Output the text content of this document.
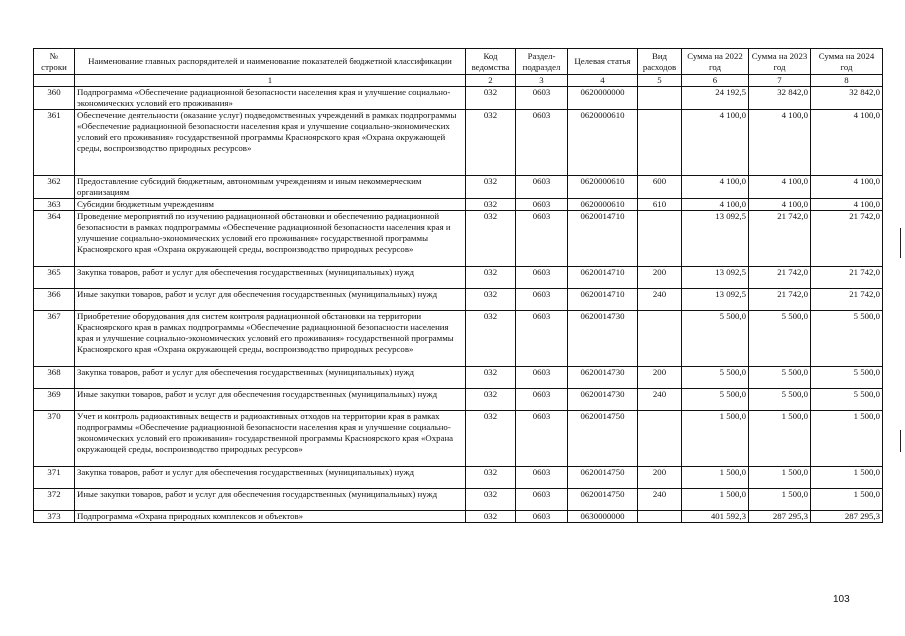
№ строки	Наименование главных распорядителей и наименование показателей бюджетной классификации	Код ведомства	Раздел-подраздел	Целевая статья	Вид расходов	Сумма на 2022 год	Сумма на 2023 год	Сумма на 2024 год
	1	2	3	4	5	6	7	8
360	Подпрограмма «Обеспечение радиационной безопасности населения края и улучшение социально-экономических условий его проживания»	032	0603	0620000000		24 192,5	32 842,0	32 842,0
361	Обеспечение деятельности (оказание услуг) подведомственных учреждений в рамках подпрограммы «Обеспечение радиационной безопасности населения края и улучшение социально-экономических условий его проживания» государственной программы Красноярского края «Охрана окружающей среды, воспроизводство природных ресурсов»	032	0603	0620000610		4 100,0	4 100,0	4 100,0
362	Предоставление субсидий бюджетным, автономным учреждениям и иным некоммерческим организациям	032	0603	0620000610	600	4 100,0	4 100,0	4 100,0
363	Субсидии бюджетным учреждениям	032	0603	0620000610	610	4 100,0	4 100,0	4 100,0
364	Проведение мероприятий по изучению радиационной обстановки и обеспечению радиационной безопасности в рамках подпрограммы «Обеспечение радиационной безопасности населения края и улучшение социально-экономических условий его проживания» государственной программы Красноярского края «Охрана окружающей среды, воспроизводство природных ресурсов»	032	0603	0620014710		13 092,5	21 742,0	21 742,0
365	Закупка товаров, работ и услуг для обеспечения государственных (муниципальных) нужд	032	0603	0620014710	200	13 092,5	21 742,0	21 742,0
366	Иные закупки товаров, работ и услуг для обеспечения государственных (муниципальных) нужд	032	0603	0620014710	240	13 092,5	21 742,0	21 742,0
367	Приобретение оборудования для систем контроля радиационной обстановки на территории Красноярского края в рамках подпрограммы «Обеспечение радиационной безопасности населения края и улучшение социально-экономических условий его проживания» государственной программы Красноярского края «Охрана окружающей среды, воспроизводство природных ресурсов»	032	0603	0620014730		5 500,0	5 500,0	5 500,0
368	Закупка товаров, работ и услуг для обеспечения государственных (муниципальных) нужд	032	0603	0620014730	200	5 500,0	5 500,0	5 500,0
369	Иные закупки товаров, работ и услуг для обеспечения государственных (муниципальных) нужд	032	0603	0620014730	240	5 500,0	5 500,0	5 500,0
370	Учет и контроль радиоактивных веществ и радиоактивных отходов на территории края в рамках подпрограммы «Обеспечение радиационной безопасности населения края и улучшение социально-экономических условий его проживания» государственной программы Красноярского края «Охрана окружающей среды, воспроизводство природных ресурсов»	032	0603	0620014750		1 500,0	1 500,0	1 500,0
371	Закупка товаров, работ и услуг для обеспечения государственных (муниципальных) нужд	032	0603	0620014750	200	1 500,0	1 500,0	1 500,0
372	Иные закупки товаров, работ и услуг для обеспечения государственных (муниципальных) нужд	032	0603	0620014750	240	1 500,0	1 500,0	1 500,0
373	Подпрограмма «Охрана природных комплексов и объектов»	032	0603	0630000000		401 592,3	287 295,3	287 295,3
103
